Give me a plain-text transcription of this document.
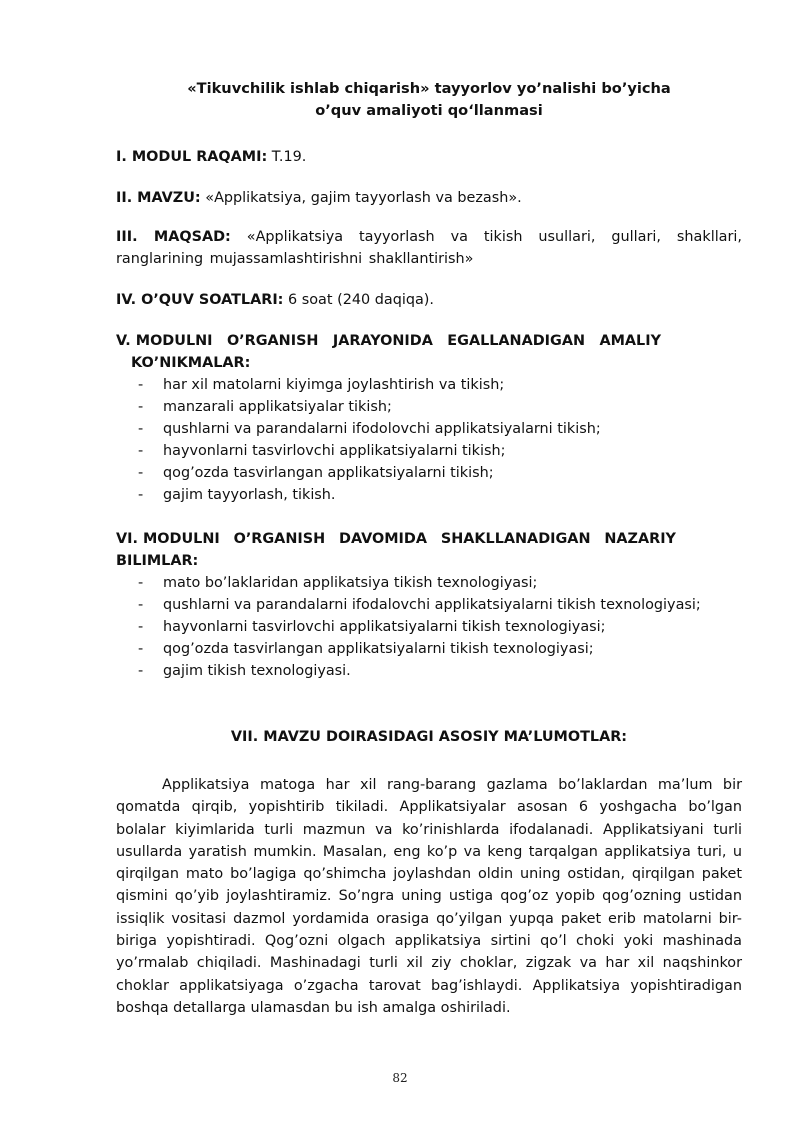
«Tikuvchilik ishlab chiqarish» tayyorlov yo’nalishi bo’yicha

o’quv amaliyoti qo‘llanmasi

I. MODUL RAQAMI: T.19.

II. MAVZU: «Applikatsiya, gajim tayyorlash va bezash».

III. MAQSAD: «Applikatsiya tayyorlash va tikish usullari, gullari, shakllari, ranglarining mujassamlashtirishni shakllantirish»

IV. O’QUV SOATLARI: 6 soat (240 daqiqa).

V. MODULNI O’RGANISH JARAYONIDA EGALLANADIGAN AMALIY
KO’NIKMALAR:
- har xil matolarni kiyimga joylashtirish va tikish;
- manzarali applikatsiyalar tikish;
- qushlarni va parandalarni ifodolovchi applikatsiyalarni tikish;
- hayvonlarni tasvirlovchi applikatsiyalarni tikish;
- qog’ozda tasvirlangan applikatsiyalarni tikish;
- gajim tayyorlash, tikish.
VI. MODULNI O’RGANISH DAVOMIDA SHAKLLANADIGAN NAZARIY
BILIMLAR:
- mato bo’laklaridan applikatsiya tikish texnologiyasi;
- qushlarni va parandalarni ifodalovchi applikatsiyalarni tikish texnologiyasi;
- hayvonlarni tasvirlovchi applikatsiyalarni tikish texnologiyasi;
- qog’ozda tasvirlangan applikatsiyalarni tikish texnologiyasi;
- gajim tikish texnologiyasi.

VII. MAVZU DOIRASIDAGI ASOSIY MA’LUMOTLAR:

Applikatsiya matoga har xil rang-barang gazlama bo’laklardan ma’lum bir qomatda qirqib, yopishtirib tikiladi. Applikatsiyalar asosan 6 yoshgacha bo’lgan bolalar kiyimlarida turli mazmun va ko’rinishlarda ifodalanadi. Applikatsiyani turli usullarda yaratish mumkin. Masalan, eng ko’p va keng tarqalgan applikatsiya turi, u qirqilgan mato bo’lagiga qo’shimcha joylashdan oldin uning ostidan, qirqilgan paket qismini qo’yib joylashtiramiz. So’ngra uning ustiga qog’oz yopib qog’ozning ustidan issiqlik vositasi dazmol yordamida orasiga qo’yilgan yupqa paket erib matolarni bir-biriga yopishtiradi. Qog’ozni olgach applikatsiya sirtini qo’l choki yoki mashinada yo’rmalab chiqiladi. Mashinadagi turli xil ziy choklar, zigzak va har xil naqshinkor choklar applikatsiyaga o’zgacha tarovat bag’ishlaydi. Applikatsiya yopishtiradigan boshqa detallarga ulamasdan bu ish amalga oshiriladi.

82
